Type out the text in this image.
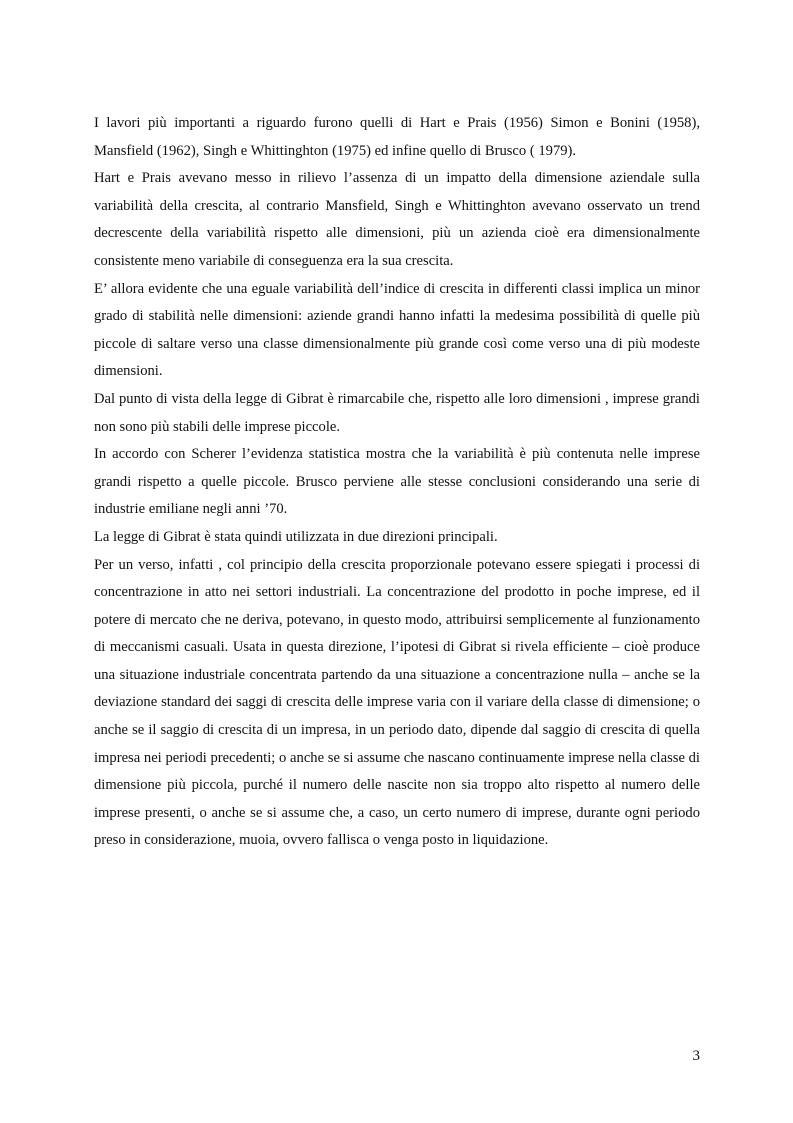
I lavori più importanti a riguardo furono quelli di Hart e Prais (1956) Simon e Bonini (1958), Mansfield (1962), Singh e Whittinghton (1975) ed infine quello di Brusco ( 1979).

Hart e Prais avevano messo in rilievo l’assenza di un impatto della dimensione aziendale sulla variabilità della crescita, al contrario Mansfield, Singh e Whittinghton avevano osservato un trend decrescente della variabilità rispetto alle dimensioni, più un azienda cioè era dimensionalmente consistente meno variabile di conseguenza era la sua crescita.

E’ allora evidente che una eguale variabilità dell’indice di crescita in differenti classi implica un minor grado di stabilità nelle dimensioni: aziende grandi hanno infatti la medesima possibilità di quelle più piccole di saltare verso una classe dimensionalmente più grande così come verso una di più modeste dimensioni.

Dal punto di vista della legge di Gibrat è rimarcabile che, rispetto alle loro dimensioni , imprese grandi non sono più stabili delle imprese piccole.

In accordo con Scherer l’evidenza statistica mostra che la variabilità è più contenuta nelle imprese grandi rispetto a quelle piccole. Brusco perviene alle stesse conclusioni considerando una serie di industrie emiliane negli anni ’70.

La legge di Gibrat è stata quindi utilizzata in due direzioni principali.

Per un verso, infatti , col principio della crescita proporzionale potevano essere spiegati i processi di concentrazione in atto nei settori industriali. La concentrazione del prodotto in poche imprese, ed il potere di mercato che ne deriva, potevano, in questo modo, attribuirsi semplicemente al funzionamento di meccanismi casuali. Usata in questa direzione, l’ipotesi di Gibrat si rivela efficiente – cioè produce una situazione industriale concentrata partendo da una situazione a concentrazione nulla – anche se la deviazione standard dei saggi di crescita delle imprese varia con il variare della classe di dimensione; o anche se il saggio di crescita di un impresa, in un periodo dato, dipende dal saggio di crescita di quella impresa nei periodi precedenti; o anche se si assume che nascano continuamente imprese nella classe di dimensione più piccola, purché il numero delle nascite non sia troppo alto rispetto al numero delle imprese presenti, o anche se si assume che, a caso, un certo numero di imprese, durante ogni periodo preso in considerazione, muoia, ovvero fallisca o venga posto in liquidazione.

3
